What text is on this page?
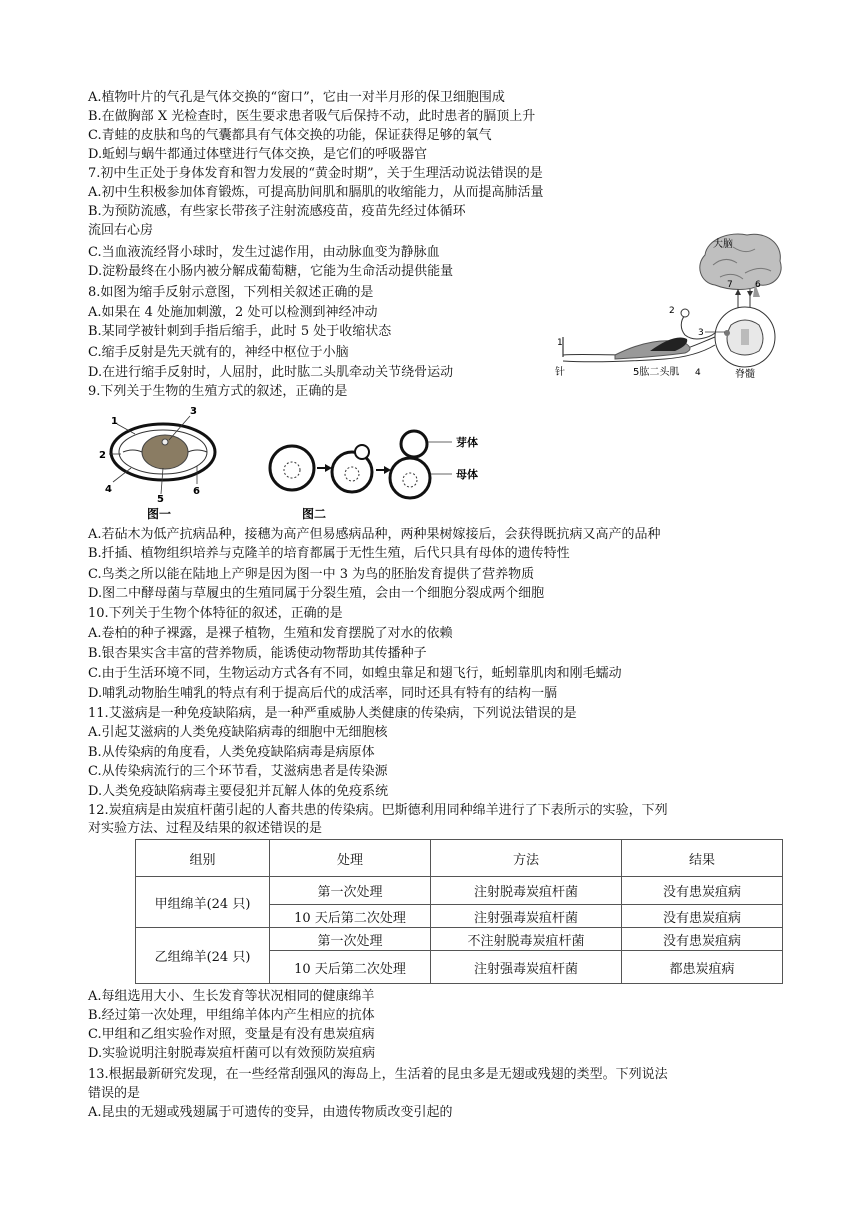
A.植物叶片的气孔是气体交换的“窗口”，它由一对半月形的保卫细胞围成
B.在做胸部 X 光检查时，医生要求患者吸气后保持不动，此时患者的膈顶上升
C.青蛙的皮肤和鸟的气囊都具有气体交换的功能，保证获得足够的氧气
D.蚯蚓与蜗牛都通过体壁进行气体交换，是它们的呼吸器官
7.初中生正处于身体发育和智力发展的“黄金时期”，关于生理活动说法错误的是
A.初中生积极参加体育锻炼，可提高肋间肌和膈肌的收缩能力，从而提高肺活量
B.为预防流感，有些家长带孩子注射流感疫苗，疫苗先经过体循环
流回右心房
C.当血液流经肾小球时，发生过滤作用，由动脉血变为静脉血
D.淀粉最终在小肠内被分解成葡萄糖，它能为生命活动提供能量
8.如图为缩手反射示意图，下列相关叙述正确的是
A.如果在 4 处施加刺激，2 处可以检测到神经冲动
B.某同学被针刺到手指后缩手，此时 5 处于收缩状态
C.缩手反射是先天就有的，神经中枢位于小脑
D.在进行缩手反射时，人屈肘，此时肱二头肌牵动关节绕骨运动
9.下列关于生物的生殖方式的叙述，正确的是
大脑
7 6
3
2
1
针	5肱二头肌 4	脊髓
1
3
2
4
5
6
图一
芽体
母体
图二
A.若砧木为低产抗病品种，接穗为高产但易感病品种，两种果树嫁接后，会获得既抗病又高产的品种
B.扦插、植物组织培养与克隆羊的培育都属于无性生殖，后代只具有母体的遗传特性
C.鸟类之所以能在陆地上产卵是因为图一中 3 为鸟的胚胎发育提供了营养物质
D.图二中酵母菌与草履虫的生殖同属于分裂生殖，会由一个细胞分裂成两个细胞
10.下列关于生物个体特征的叙述，正确的是
A.卷柏的种子裸露，是裸子植物，生殖和发育摆脱了对水的依赖
B.银杏果实含丰富的营养物质，能诱使动物帮助其传播种子
C.由于生活环境不同，生物运动方式各有不同，如蝗虫靠足和翅飞行，蚯蚓靠肌肉和刚毛蠕动
D.哺乳动物胎生哺乳的特点有利于提高后代的成活率，同时还具有特有的结构一膈
11.艾滋病是一种免疫缺陷病，是一种严重威胁人类健康的传染病，下列说法错误的是
A.引起艾滋病的人类免疫缺陷病毒的细胞中无细胞核
B.从传染病的角度看，人类免疫缺陷病毒是病原体
C.从传染病流行的三个环节看，艾滋病患者是传染源
D.人类免疫缺陷病毒主要侵犯并瓦解人体的免疫系统
12.炭疽病是由炭疽杆菌引起的人畜共患的传染病。巴斯德利用同种绵羊进行了下表所示的实验，下列
对实验方法、过程及结果的叙述错误的是
组别	处理	方法	结果
甲组绵羊(24 只)	第一次处理	注射脱毒炭疽杆菌	没有患炭疽病
	10 天后第二次处理	注射强毒炭疽杆菌	没有患炭疽病
乙组绵羊(24 只)	第一次处理	不注射脱毒炭疽杆菌	没有患炭疽病
	10 天后第二次处理	注射强毒炭疽杆菌	都患炭疽病
A.每组选用大小、生长发育等状况相同的健康绵羊
B.经过第一次处理，甲组绵羊体内产生相应的抗体
C.甲组和乙组实验作对照，变量是有没有患炭疽病
D.实验说明注射脱毒炭疽杆菌可以有效预防炭疽病
13.根据最新研究发现，在一些经常刮强风的海岛上，生活着的昆虫多是无翅或残翅的类型。下列说法
错误的是
A.昆虫的无翅或残翅属于可遗传的变异，由遗传物质改变引起的
